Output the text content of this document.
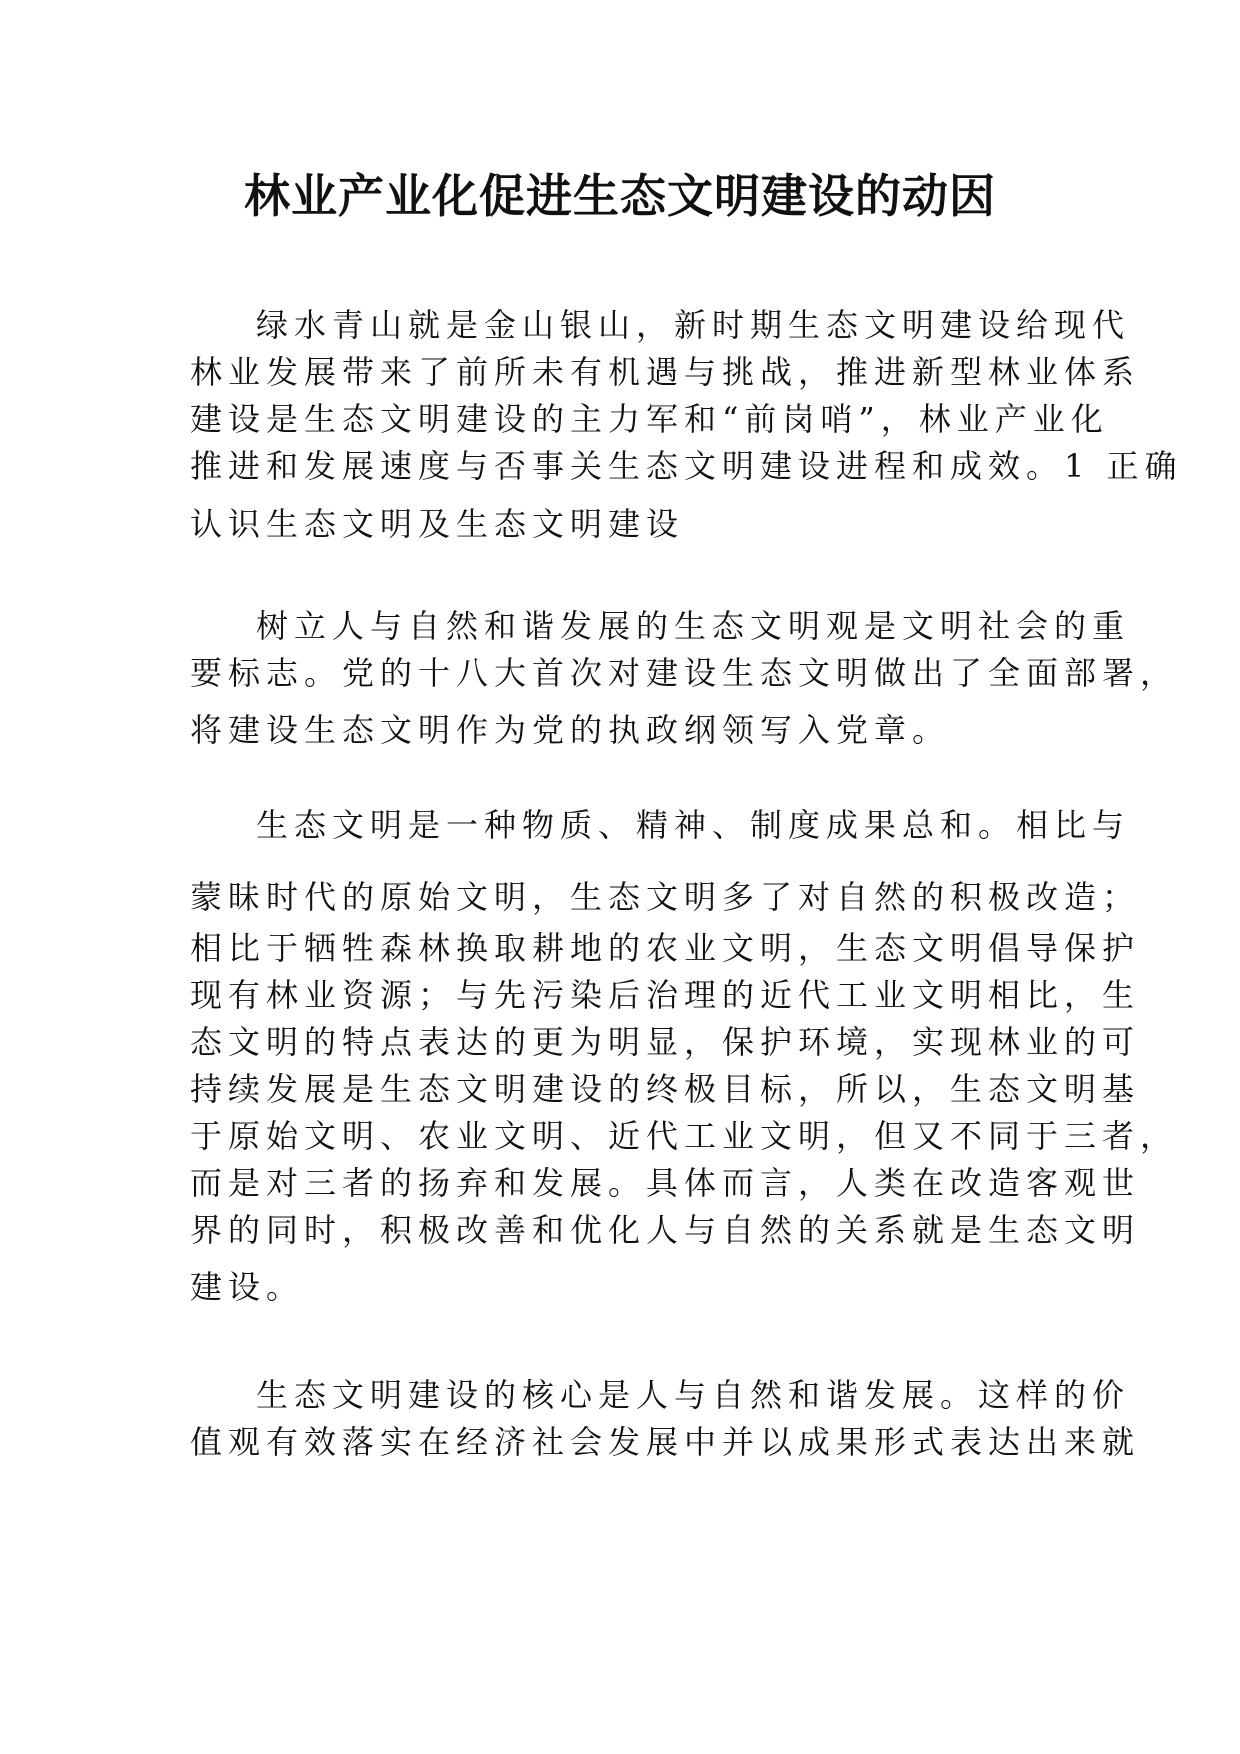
林业产业化促进生态文明建设的动因
绿水青山就是金山银山，新时期生态文明建设给现代
林业发展带来了前所未有机遇与挑战，推进新型林业体系
建设是生态文明建设的主力军和“前岗哨”，林业产业化
推进和发展速度与否事关生态文明建设进程和成效。1 正确
认识生态文明及生态文明建设
树立人与自然和谐发展的生态文明观是文明社会的重
要标志。党的十八大首次对建设生态文明做出了全面部署，
将建设生态文明作为党的执政纲领写入党章。
生态文明是一种物质、精神、制度成果总和。相比与
蒙昧时代的原始文明，生态文明多了对自然的积极改造；
相比于牺牲森林换取耕地的农业文明，生态文明倡导保护
现有林业资源；与先污染后治理的近代工业文明相比，生
态文明的特点表达的更为明显，保护环境，实现林业的可
持续发展是生态文明建设的终极目标，所以，生态文明基
于原始文明、农业文明、近代工业文明，但又不同于三者，
而是对三者的扬弃和发展。具体而言，人类在改造客观世
界的同时，积极改善和优化人与自然的关系就是生态文明
建设。
生态文明建设的核心是人与自然和谐发展。这样的价
值观有效落实在经济社会发展中并以成果形式表达出来就
